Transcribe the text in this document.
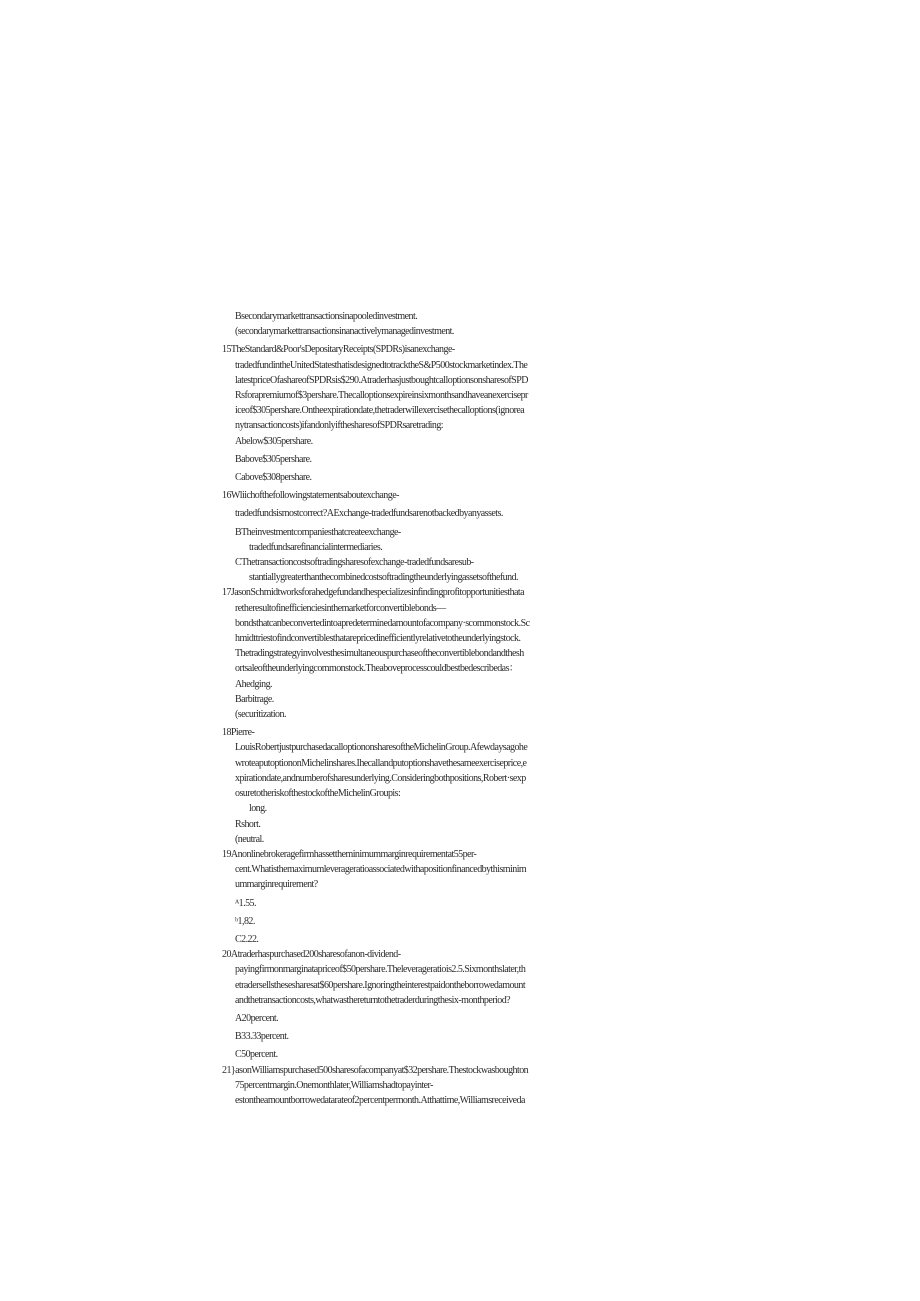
Bsecondarymarkettransactionsinapooledinvestment.
(secondarymarkettransactionsinanactivelymanagedinvestment.
15TheStandard&Poor'sDepositaryReceipts(SPDRs)isanexchange-
tradedfundintheUnitedStatesthatisdesignedtotracktheS&P500stockmarketindex.The
latestpriceOfashareofSPDRsis$290.AtraderhasjustboughtcalloptionsonsharesofSPD
Rsforapremiumof$3pershare.Thecalloptionsexpireinsixmonthsandhaveanexercisepr
iceof$305pershare.Ontheexpirationdate,thetraderwillexercisethecalloptions(ignorea
nytransactioncosts)ifandonlyifthesharesofSPDRsaretrading:
Abelow$305pershare.
Babove$305pershare.
Cabove$308pershare.
16Wliichofthefollowingstatementsaboutexchange-
tradedfundsismostcorrect?AExchange-tradedfundsarenotbackedbyanyassets.
BTheinvestmentcompaniesthatcreateexchange-
tradedfundsarefinancialintermediaries.
CThetransactioncostsoftradingsharesofexchange-tradedfundsaresub-
stantiallygreaterthanthecombinedcostsoftradingtheunderlyingassetsofthefund.
17JasonSchmidtworksforahedgefundandhespecializesinfindingprofitopportunitiesthata
retheresultofinefficienciesinthemarketforconvertiblebonds—
bondsthatcanbeconvertedintoapredeterminedamountofacompany·scommonstock.Sc
hmidttriestofindconvertiblesthatarepricedinefficientlyrelativetotheunderlyingstock.
Thetradingstrategyinvolvesthesimultaneouspurchaseoftheconvertiblebondandthesh
ortsaleoftheunderlyingcommonstock.Theaboveprocesscouldbestbedescribedas：
Ahedging.
Barbitrage.
(securitization.
18Pierre-
LouisRobertjustpurchasedacalloptiononsharesoftheMichelinGroup.Afewdaysagohe
wroteaputoptiononMichelinshares.Ihecallandputoptionshavethesameexerciseprice,e
xpirationdate,andnumberofsharesunderlying.Consideringbothpositions,Robert·sexp
osuretotheriskofthestockoftheMichelinGroupis:
long.
Rshort.
(neutral.
19Anonlinebrokeragefirmhassettheminimummarginrequirementat55per-
cent.Whatisthemaximumleverageratioassociatedwithapositionfinancedbythisminim
ummarginrequirement?
ᴬ1.55.
ᵇ1,82.
C2.22.
20Atraderhaspurchased200sharesofanon-dividend-
payingfirmonmarginatapriceof$50pershare.Theleverageratiois2.5.Sixmonthslater,th
etradersellsthesesharesat$60pershare.Ignoringtheinterestpaidontheborrowedamount
andthetransactioncosts,whatwasthereturntothetraderduringthesix-monthperiod?
A20percent.
B33.33percent.
C50percent.
21}asonWilliamspurchased500sharesofacompanyat$32pershare.Thestockwasboughton
75percentmargin.Onemonthlater,Williamshadtopayinter-
estontheamountborrowedatarateof2percentpermonth.Atthattime,Williamsreceiveda
